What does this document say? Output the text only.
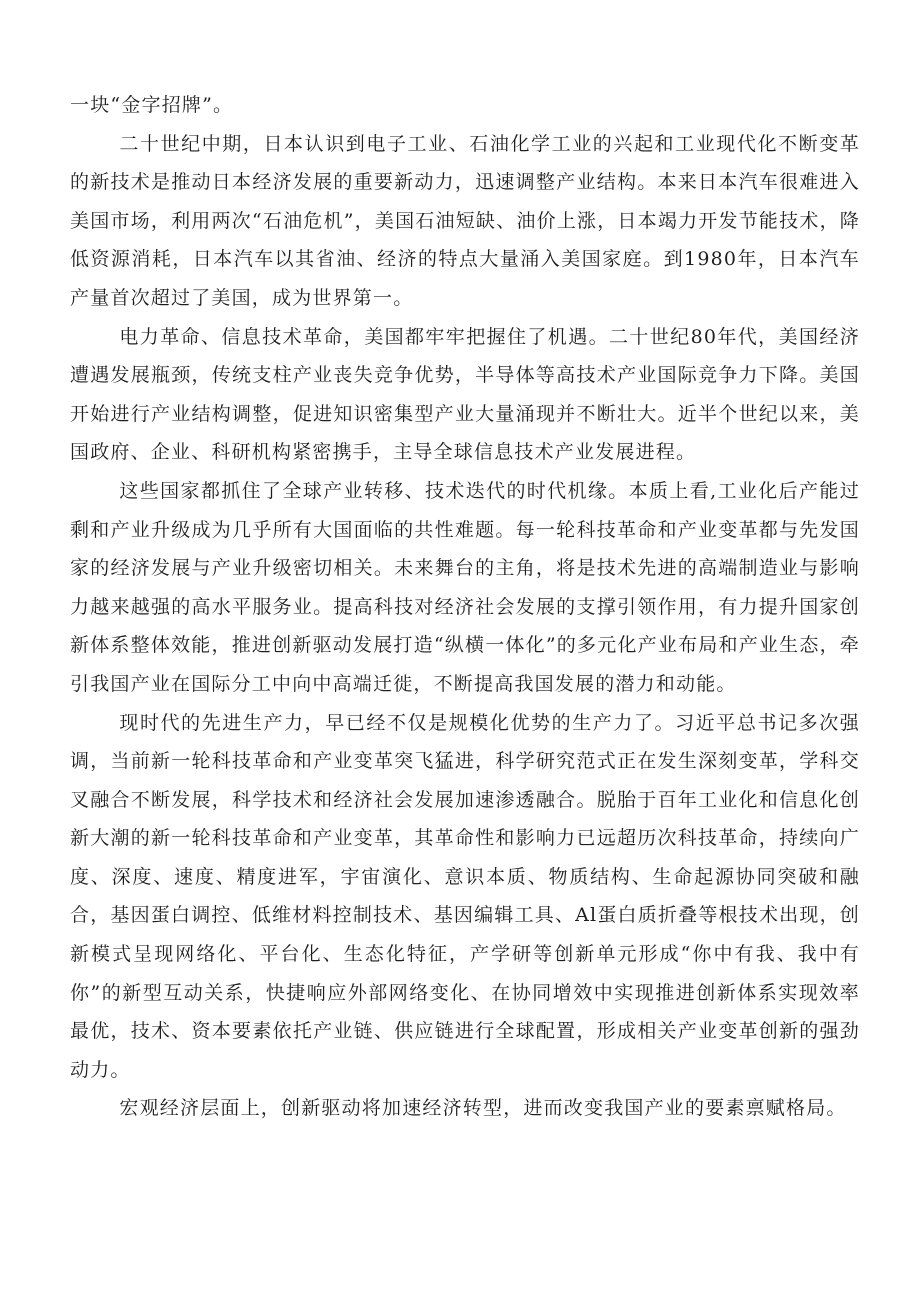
一块“金字招牌”。

二十世纪中期，日本认识到电子工业、石油化学工业的兴起和工业现代化不断变革的新技术是推动日本经济发展的重要新动力，迅速调整产业结构。本来日本汽车很难进入美国市场，利用两次“石油危机”，美国石油短缺、油价上涨，日本竭力开发节能技术，降低资源消耗，日本汽车以其省油、经济的特点大量涌入美国家庭。到1980年，日本汽车产量首次超过了美国，成为世界第一。

电力革命、信息技术革命，美国都牢牢把握住了机遇。二十世纪80年代，美国经济遭遇发展瓶颈，传统支柱产业丧失竞争优势，半导体等高技术产业国际竞争力下降。美国开始进行产业结构调整，促进知识密集型产业大量涌现并不断壮大。近半个世纪以来，美国政府、企业、科研机构紧密携手，主导全球信息技术产业发展进程。

这些国家都抓住了全球产业转移、技术迭代的时代机缘。本质上看,工业化后产能过剩和产业升级成为几乎所有大国面临的共性难题。每一轮科技革命和产业变革都与先发国家的经济发展与产业升级密切相关。未来舞台的主角，将是技术先进的高端制造业与影响力越来越强的高水平服务业。提高科技对经济社会发展的支撑引领作用，有力提升国家创新体系整体效能，推进创新驱动发展打造“纵横一体化”的多元化产业布局和产业生态，牵引我国产业在国际分工中向中高端迁徙，不断提高我国发展的潜力和动能。

现时代的先进生产力，早已经不仅是规模化优势的生产力了。习近平总书记多次强调，当前新一轮科技革命和产业变革突飞猛进，科学研究范式正在发生深刻变革，学科交叉融合不断发展，科学技术和经济社会发展加速渗透融合。脱胎于百年工业化和信息化创新大潮的新一轮科技革命和产业变革，其革命性和影响力已远超历次科技革命，持续向广度、深度、速度、精度进军，宇宙演化、意识本质、物质结构、生命起源协同突破和融合，基因蛋白调控、低维材料控制技术、基因编辑工具、Al蛋白质折叠等根技术出现，创新模式呈现网络化、平台化、生态化特征，产学研等创新单元形成“你中有我、我中有你”的新型互动关系，快捷响应外部网络变化、在协同增效中实现推进创新体系实现效率最优，技术、资本要素依托产业链、供应链进行全球配置，形成相关产业变革创新的强劲动力。

宏观经济层面上，创新驱动将加速经济转型，进而改变我国产业的要素禀赋格局。
